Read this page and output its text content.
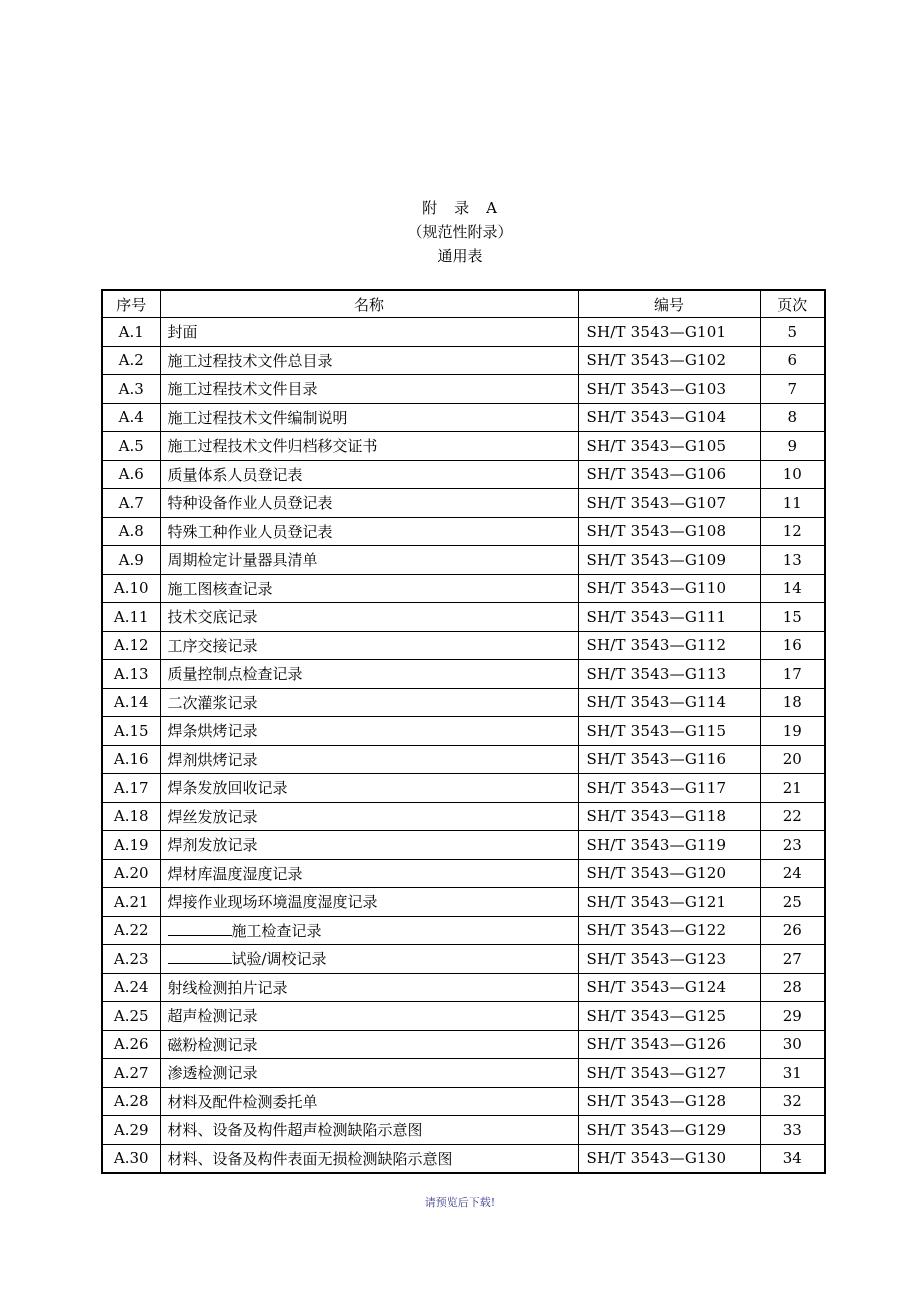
附　录　A
（规范性附录）
通用表
序号	名称	编号	页次
A.1	封面	SH/T 3543—G101	5
A.2	施工过程技术文件总目录	SH/T 3543—G102	6
A.3	施工过程技术文件目录	SH/T 3543—G103	7
A.4	施工过程技术文件编制说明	SH/T 3543—G104	8
A.5	施工过程技术文件归档移交证书	SH/T 3543—G105	9
A.6	质量体系人员登记表	SH/T 3543—G106	10
A.7	特种设备作业人员登记表	SH/T 3543—G107	11
A.8	特殊工种作业人员登记表	SH/T 3543—G108	12
A.9	周期检定计量器具清单	SH/T 3543—G109	13
A.10	施工图核查记录	SH/T 3543—G110	14
A.11	技术交底记录	SH/T 3543—G111	15
A.12	工序交接记录	SH/T 3543—G112	16
A.13	质量控制点检查记录	SH/T 3543—G113	17
A.14	二次灌浆记录	SH/T 3543—G114	18
A.15	焊条烘烤记录	SH/T 3543—G115	19
A.16	焊剂烘烤记录	SH/T 3543—G116	20
A.17	焊条发放回收记录	SH/T 3543—G117	21
A.18	焊丝发放记录	SH/T 3543—G118	22
A.19	焊剂发放记录	SH/T 3543—G119	23
A.20	焊材库温度湿度记录	SH/T 3543—G120	24
A.21	焊接作业现场环境温度湿度记录	SH/T 3543—G121	25
A.22	施工检查记录	SH/T 3543—G122	26
A.23	试验/调校记录	SH/T 3543—G123	27
A.24	射线检测拍片记录	SH/T 3543—G124	28
A.25	超声检测记录	SH/T 3543—G125	29
A.26	磁粉检测记录	SH/T 3543—G126	30
A.27	渗透检测记录	SH/T 3543—G127	31
A.28	材料及配件检测委托单	SH/T 3543—G128	32
A.29	材料、设备及构件超声检测缺陷示意图	SH/T 3543—G129	33
A.30	材料、设备及构件表面无损检测缺陷示意图	SH/T 3543—G130	34
请预览后下载!
